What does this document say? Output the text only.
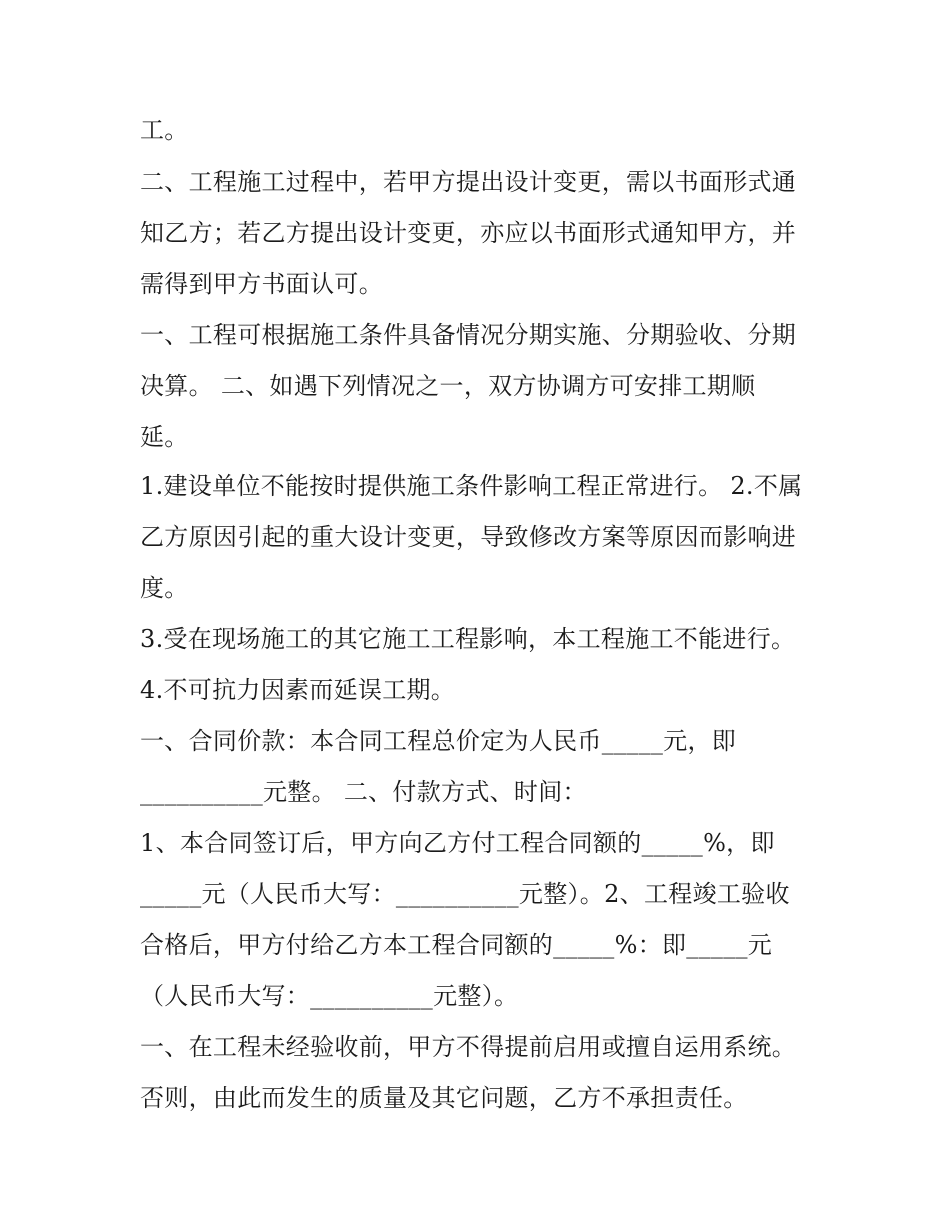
工。
二、工程施工过程中，若甲方提出设计变更，需以书面形式通
知乙方；若乙方提出设计变更，亦应以书面形式通知甲方，并
需得到甲方书面认可。
一、工程可根据施工条件具备情况分期实施、分期验收、分期
决算。 二、如遇下列情况之一，双方协调方可安排工期顺
延。
1.建设单位不能按时提供施工条件影响工程正常进行。 2.不属
乙方原因引起的重大设计变更，导致修改方案等原因而影响进
度。
3.受在现场施工的其它施工工程影响，本工程施工不能进行。
4.不可抗力因素而延误工期。
一、合同价款：本合同工程总价定为人民币_____元，即
__________元整。 二、付款方式、时间：
1、本合同签订后，甲方向乙方付工程合同额的_____%，即
_____元（人民币大写：__________元整）。2、工程竣工验收
合格后，甲方付给乙方本工程合同额的_____%：即_____元
（人民币大写：__________元整）。
一、在工程未经验收前，甲方不得提前启用或擅自运用系统。
否则，由此而发生的质量及其它问题，乙方不承担责任。
